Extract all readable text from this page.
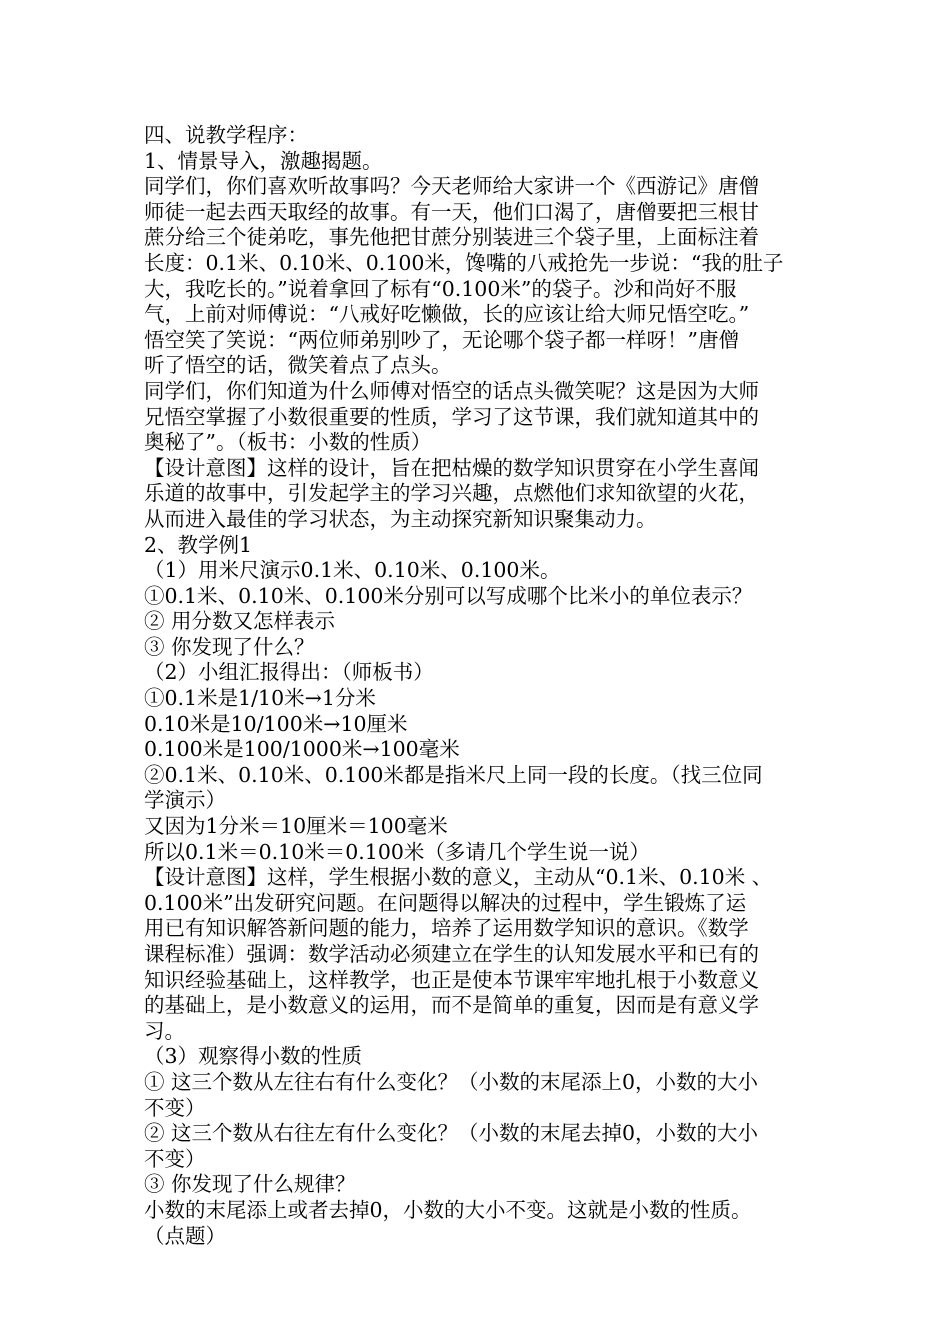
四、说教学程序：
1、情景导入，激趣揭题。
同学们，你们喜欢听故事吗？今天老师给大家讲一个《西游记》唐僧
师徒一起去西天取经的故事。有一天，他们口渴了，唐僧要把三根甘
蔗分给三个徒弟吃，事先他把甘蔗分别装进三个袋子里，上面标注着
长度：0.1米、0.10米、0.100米，馋嘴的八戒抢先一步说：“我的肚子
大，我吃长的。”说着拿回了标有“0.100米”的袋子。沙和尚好不服
气，上前对师傅说：“八戒好吃懒做，长的应该让给大师兄悟空吃。”
悟空笑了笑说：“两位师弟别吵了，无论哪个袋子都一样呀！”唐僧
听了悟空的话，微笑着点了点头。
同学们，你们知道为什么师傅对悟空的话点头微笑呢？这是因为大师
兄悟空掌握了小数很重要的性质，学习了这节课，我们就知道其中的
奥秘了”。（板书：小数的性质）
【设计意图】这样的设计，旨在把枯燥的数学知识贯穿在小学生喜闻
乐道的故事中，引发起学主的学习兴趣，点燃他们求知欲望的火花，
从而进入最佳的学习状态，为主动探究新知识聚集动力。
2、教学例1
（1）用米尺演示0.1米、0.10米、0.100米。
①0.1米、0.10米、0.100米分别可以写成哪个比米小的单位表示？
② 用分数又怎样表示
③ 你发现了什么？
（2）小组汇报得出：（师板书）
①0.1米是1/10米→1分米
0.10米是10/100米→10厘米
0.100米是100/1000米→100毫米
②0.1米、0.10米、0.100米都是指米尺上同一段的长度。（找三位同
学演示）
又因为1分米＝10厘米＝100毫米
所以0.1米＝0.10米＝0.100米（多请几个学生说一说）
【设计意图】这样，学生根据小数的意义，主动从“0.1米、0.10米 、
0.100米”出发研究问题。在问题得以解决的过程中，学生锻炼了运
用已有知识解答新问题的能力，培养了运用数学知识的意识。《数学
课程标准）强调：数学活动必须建立在学生的认知发展水平和已有的
知识经验基础上，这样教学，也正是使本节课牢牢地扎根于小数意义
的基础上，是小数意义的运用，而不是简单的重复，因而是有意义学
习。
（3）观察得小数的性质
① 这三个数从左往右有什么变化？（小数的末尾添上0，小数的大小
不变）
② 这三个数从右往左有什么变化？（小数的末尾去掉0，小数的大小
不变）
③ 你发现了什么规律？
小数的末尾添上或者去掉0，小数的大小不变。这就是小数的性质。
（点题）
